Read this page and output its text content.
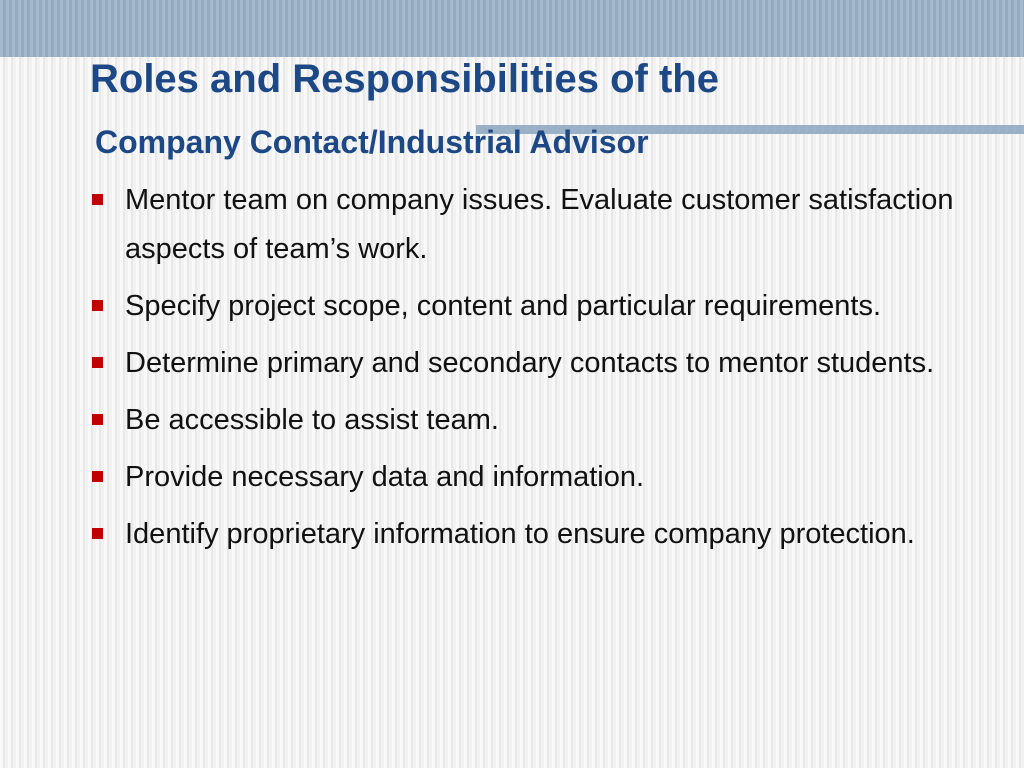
Roles and Responsibilities of the
Company Contact/Industrial Advisor
Mentor team on company issues. Evaluate customer satisfaction aspects of team’s work.
Specify project scope, content and particular requirements.
Determine primary and secondary contacts to mentor students.
Be accessible to assist team.
Provide necessary data and information.
Identify proprietary information to ensure company protection.
